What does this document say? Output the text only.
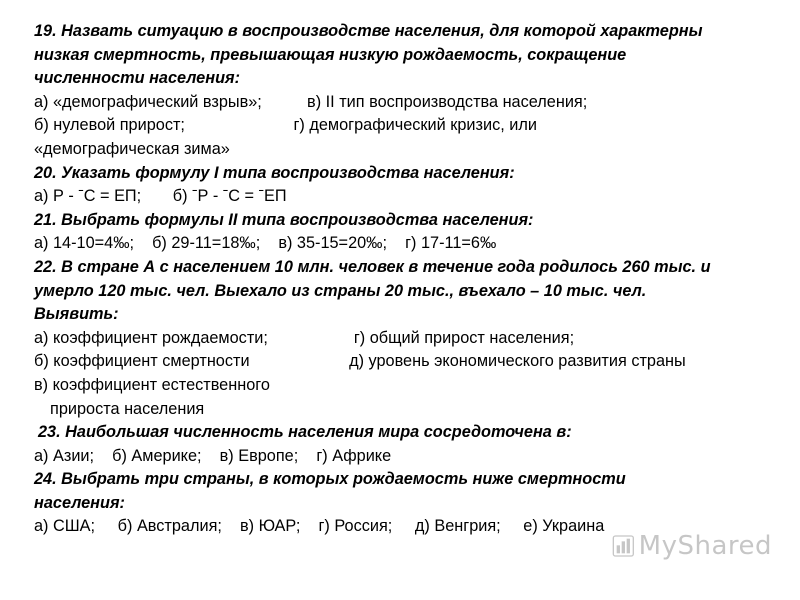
19. Назвать ситуацию в воспроизводстве населения, для которой характерны
низкая смертность, превышающая низкую рождаемость, сокращение
численности населения:
а) «демографический взрыв»;          в) II тип воспроизводства населения;
б) нулевой прирост;                        г) демографический кризис, или
«демографическая зима»
20. Указать формулу I типа воспроизводства населения:
а) Р - ˉС = ЕП;       б) ˉР - ˉС = ˉЕП
21. Выбрать формулы II типа воспроизводства населения:
а) 14-10=4‰;    б) 29-11=18‰;    в) 35-15=20‰;    г) 17-11=6‰
22. В стране А с населением 10 млн. человек в течение года родилось 260 тыс. и
умерло 120 тыс. чел. Выехало из страны 20 тыс., въехало – 10 тыс. чел.
Выявить:
а) коэффициент рождаемости;                   г) общий прирост населения;
б) коэффициент смертности                      д) уровень экономического развития страны
в) коэффициент естественного
прироста населения
23. Наибольшая численность населения мира сосредоточена в:
а) Азии;    б) Америке;    в) Европе;    г) Африке
24. Выбрать три страны, в которых рождаемость ниже смертности
населения:
а) США;     б) Австралия;    в) ЮАР;    г) Россия;     д) Венгрия;     е) Украина
MyShared
